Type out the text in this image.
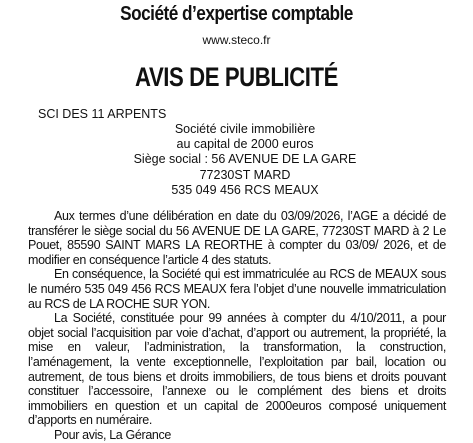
Société d’expertise comptable
www.steco.fr
AVIS DE PUBLICITÉ
SCI DES 11 ARPENTS
Société civile immobilière
au capital de 2000 euros
Siège social : 56 AVENUE DE LA GARE
77230ST MARD
535 049 456 RCS MEAUX

Aux termes d’une délibération en date du 03/09/2026, l’AGE a décidé de transférer le siège social du 56 AVENUE DE LA GARE, 77230ST MARD à 2 Le Pouet, 85590 SAINT MARS LA REORTHE à compter du 03/09/ 2026, et de modifier en conséquence l’article 4 des statuts.

En conséquence, la Société qui est immatriculée au RCS de MEAUX sous le numéro 535 049 456 RCS MEAUX fera l’objet d’une nouvelle immatriculation au RCS de LA ROCHE SUR YON.

La Société, constituée pour 99 années à compter du 4/10/2011, a pour objet social l’acquisition par voie d’achat, d’apport ou autrement, la propriété, la mise en valeur, l’administration, la transformation, la construction, l’aménagement, la vente exceptionnelle, l’exploitation par bail, location ou autrement, de tous biens et droits immobiliers, de tous biens et droits pouvant constituer l’accessoire, l’annexe ou le complément des biens et droits immobiliers en question et un capital de 2000euros composé uniquement d’apports en numéraire.

Pour avis, La Gérance
